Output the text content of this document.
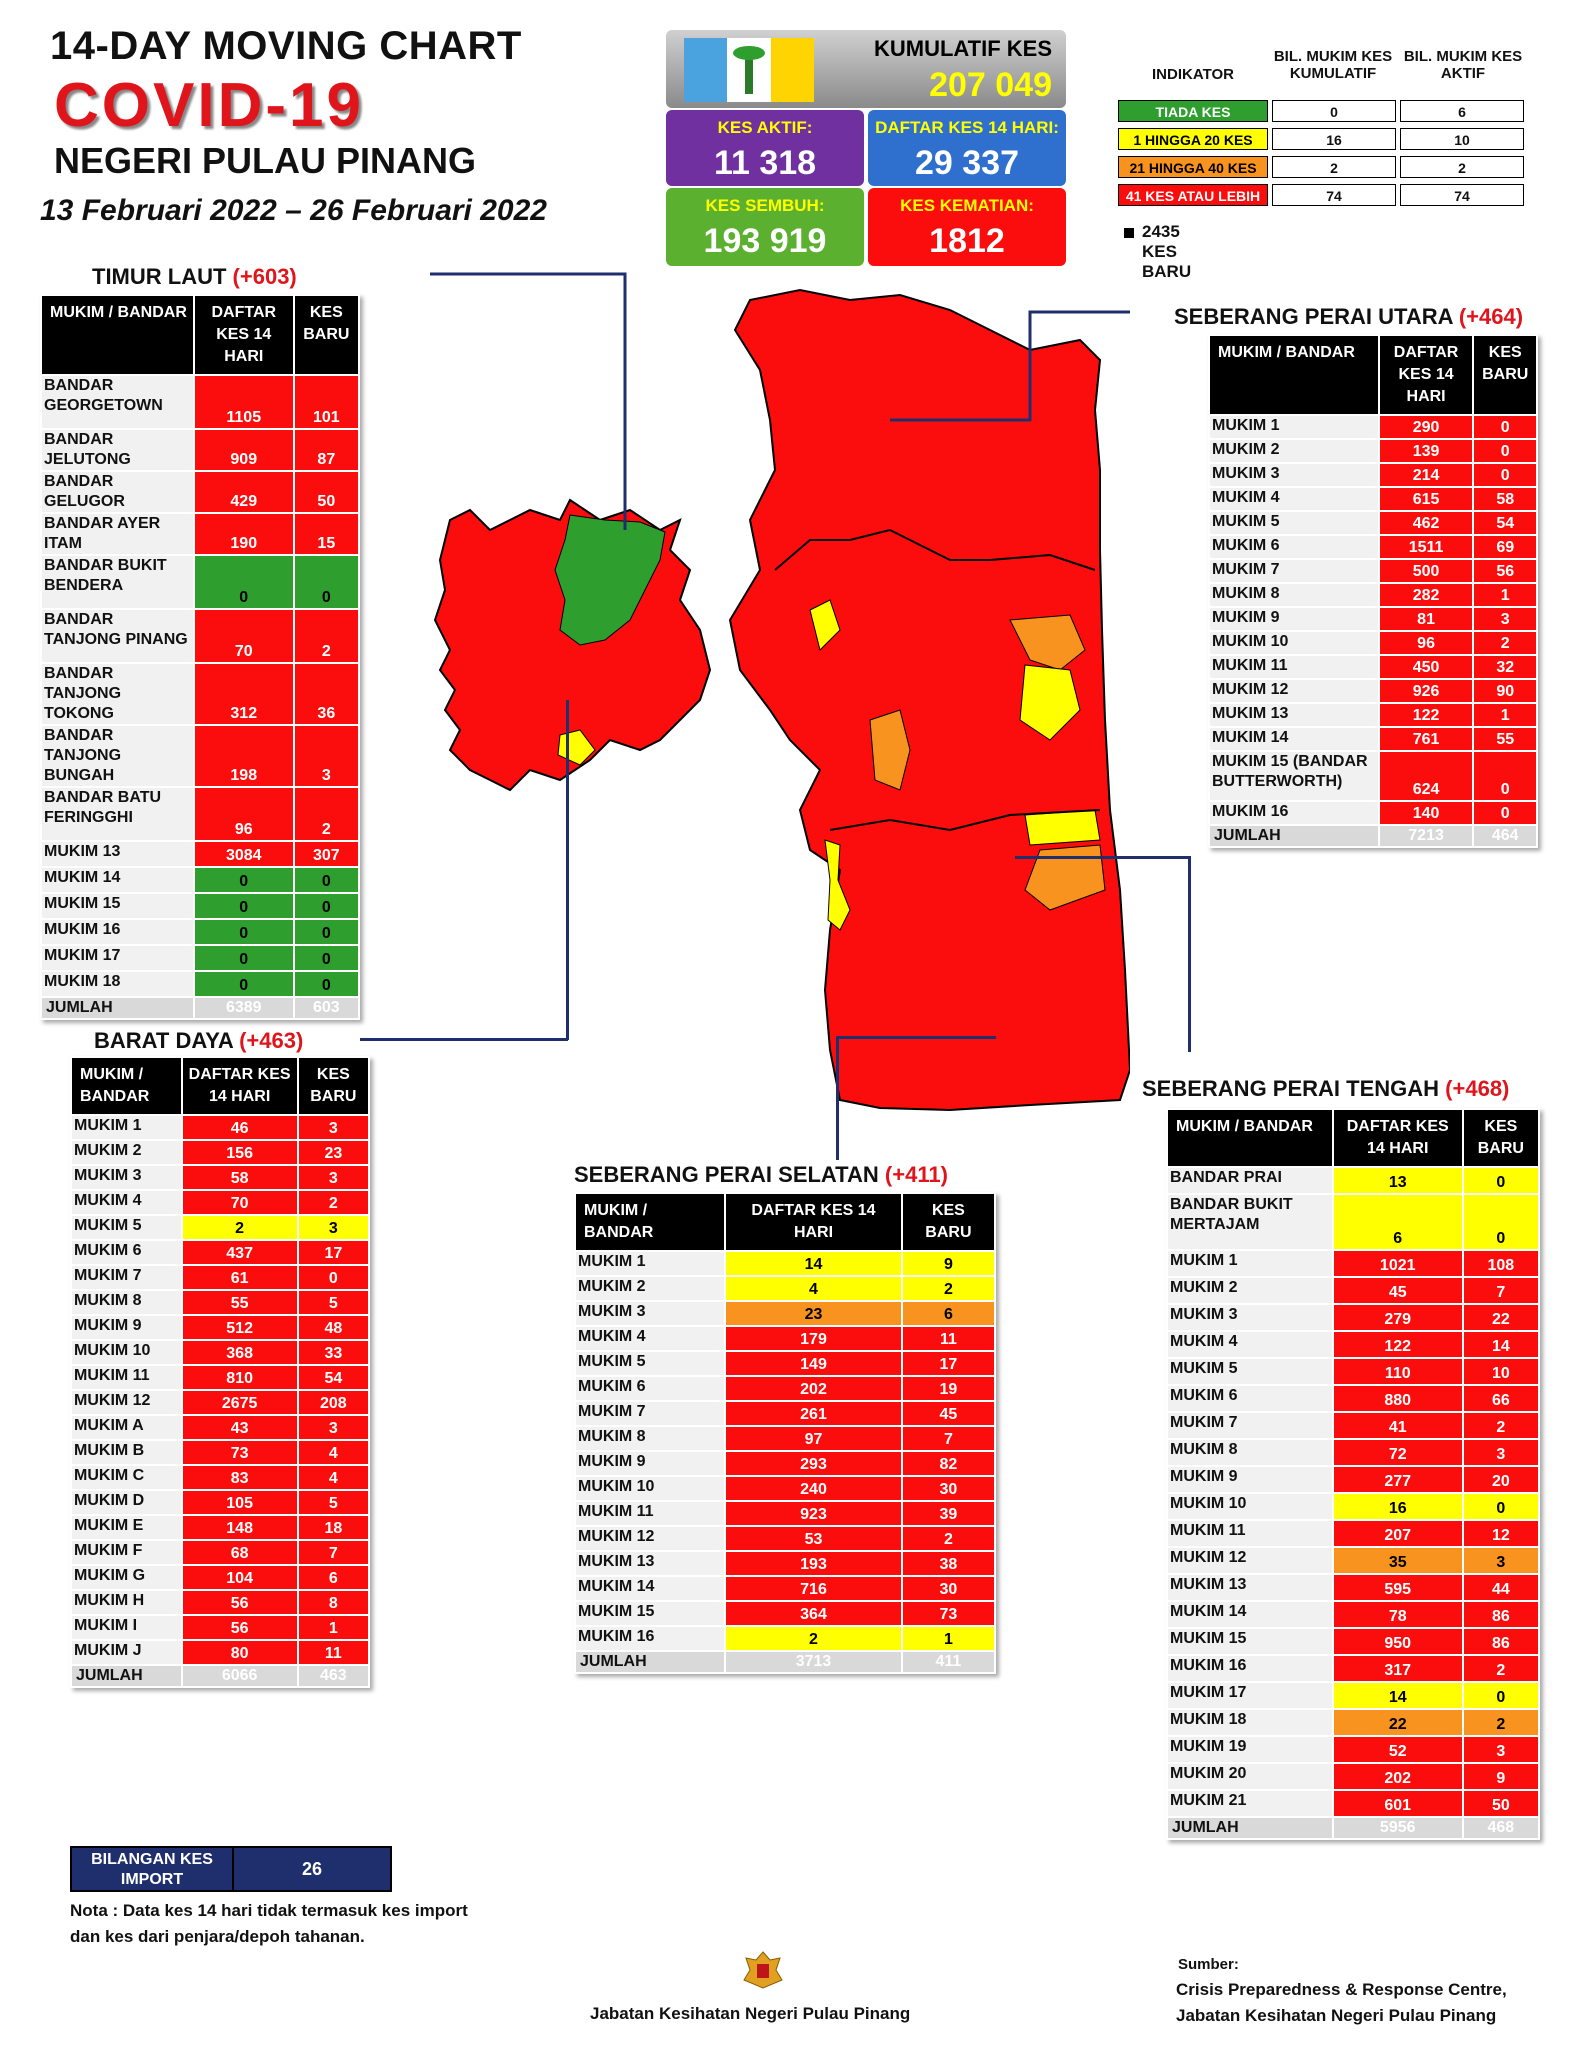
14-DAY MOVING CHART
COVID-19
NEGERI PULAU PINANG
13 Februari 2022 – 26 Februari 2022
KUMULATIF KES
207 049
KES AKTIF:
11 318
DAFTAR KES 14 HARI:
29 337
KES SEMBUH:
193 919
KES KEMATIAN:
1812
INDIKATOR
BIL. MUKIM KES KUMULATIF
BIL. MUKIM KES AKTIF
TIADA KES	0	6
1 HINGGA 20 KES	16	10
21 HINGGA 40 KES	2	2
41 KES ATAU LEBIH	74	74
2435 KES BARU
TIMUR LAUT (+603)
BARAT DAYA (+463)
SEBERANG PERAI UTARA (+464)
SEBERANG PERAI SELATAN (+411)
SEBERANG PERAI TENGAH (+468)
MUKIM / BANDAR	DAFTAR KES 14 HARI	KES BARU
BANDAR GEORGETOWN	1105	101
BANDAR JELUTONG	909	87
BANDAR GELUGOR	429	50
BANDAR AYER ITAM	190	15
BANDAR BUKIT BENDERA	0	0
BANDAR TANJONG PINANG	70	2
BANDAR TANJONG TOKONG	312	36
BANDAR TANJONG BUNGAH	198	3
BANDAR BATU FERINGGHI	96	2
MUKIM 13	3084	307
MUKIM 14	0	0
MUKIM 15	0	0
MUKIM 16	0	0
MUKIM 17	0	0
MUKIM 18	0	0
JUMLAH	6389	603
MUKIM / BANDAR	DAFTAR KES 14 HARI	KES BARU
MUKIM 1	46	3
MUKIM 2	156	23
MUKIM 3	58	3
MUKIM 4	70	2
MUKIM 5	2	3
MUKIM 6	437	17
MUKIM 7	61	0
MUKIM 8	55	5
MUKIM 9	512	48
MUKIM 10	368	33
MUKIM 11	810	54
MUKIM 12	2675	208
MUKIM A	43	3
MUKIM B	73	4
MUKIM C	83	4
MUKIM D	105	5
MUKIM E	148	18
MUKIM F	68	7
MUKIM G	104	6
MUKIM H	56	8
MUKIM I	56	1
MUKIM J	80	11
JUMLAH	6066	463
MUKIM / BANDAR	DAFTAR KES 14 HARI	KES BARU
MUKIM 1	290	0
MUKIM 2	139	0
MUKIM 3	214	0
MUKIM 4	615	58
MUKIM 5	462	54
MUKIM 6	1511	69
MUKIM 7	500	56
MUKIM 8	282	1
MUKIM 9	81	3
MUKIM 10	96	2
MUKIM 11	450	32
MUKIM 12	926	90
MUKIM 13	122	1
MUKIM 14	761	55
MUKIM 15 (BANDAR BUTTERWORTH)	624	0
MUKIM 16	140	0
JUMLAH	7213	464
MUKIM / BANDAR	DAFTAR KES 14 HARI	KES BARU
MUKIM 1	14	9
MUKIM 2	4	2
MUKIM 3	23	6
MUKIM 4	179	11
MUKIM 5	149	17
MUKIM 6	202	19
MUKIM 7	261	45
MUKIM 8	97	7
MUKIM 9	293	82
MUKIM 10	240	30
MUKIM 11	923	39
MUKIM 12	53	2
MUKIM 13	193	38
MUKIM 14	716	30
MUKIM 15	364	73
MUKIM 16	2	1
JUMLAH	3713	411
MUKIM / BANDAR	DAFTAR KES 14 HARI	KES BARU
BANDAR PRAI	13	0
BANDAR BUKIT MERTAJAM	6	0
MUKIM 1	1021	108
MUKIM 2	45	7
MUKIM 3	279	22
MUKIM 4	122	14
MUKIM 5	110	10
MUKIM 6	880	66
MUKIM 7	41	2
MUKIM 8	72	3
MUKIM 9	277	20
MUKIM 10	16	0
MUKIM 11	207	12
MUKIM 12	35	3
MUKIM 13	595	44
MUKIM 14	78	86
MUKIM 15	950	86
MUKIM 16	317	2
MUKIM 17	14	0
MUKIM 18	22	2
MUKIM 19	52	3
MUKIM 20	202	9
MUKIM 21	601	50
JUMLAH	5956	468
BILANGAN KES IMPORT
26
Nota : Data kes 14 hari tidak termasuk kes import dan kes dari penjara/depoh tahanan.
Jabatan Kesihatan Negeri Pulau Pinang
Sumber:
Crisis Preparedness & Response Centre,
Jabatan Kesihatan Negeri Pulau Pinang
